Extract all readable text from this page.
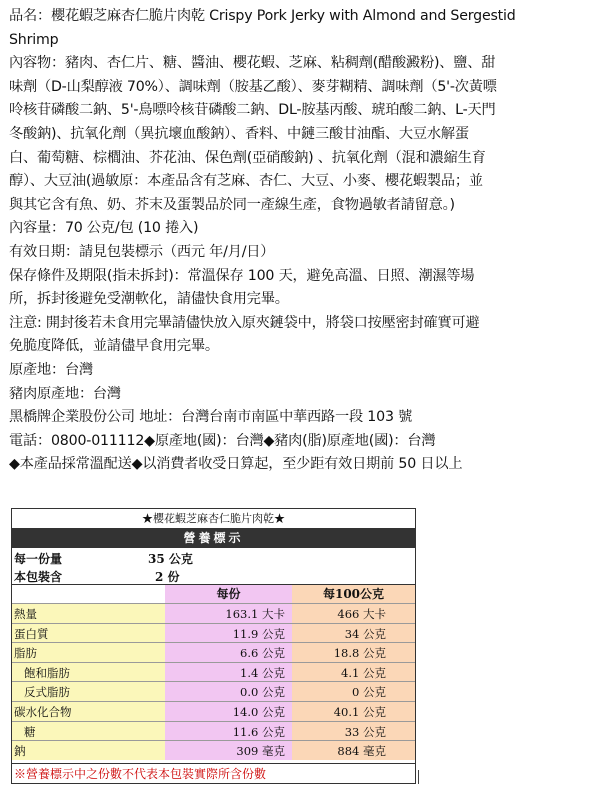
品名：櫻花蝦芝麻杏仁脆片肉乾 Crispy Pork Jerky with Almond and Sergestid
Shrimp
內容物：豬肉、杏仁片、糖、醬油、櫻花蝦、芝麻、粘稠劑(醋酸澱粉)、鹽、甜
味劑（D-山梨醇液 70%）、調味劑（胺基乙酸）、麥芽糊精、調味劑（5'-次黃嘌
呤核苷磷酸二鈉、5'-鳥嘌呤核苷磷酸二鈉、DL-胺基丙酸、琥珀酸二鈉、L-天門
冬酸鈉)、抗氧化劑（異抗壞血酸鈉）、香料、中鏈三酸甘油酯、大豆水解蛋
白、葡萄糖、棕櫚油、芥花油、保色劑(亞硝酸鈉) 、抗氧化劑（混和濃縮生育
醇）、大豆油(過敏原：本產品含有芝麻、杏仁、大豆、小麥、櫻花蝦製品；並
與其它含有魚、奶、芥末及蛋製品於同一產線生產，食物過敏者請留意。)
內容量：70 公克/包 (10 捲入)
有效日期：請見包裝標示（西元 年/月/日）
保存條件及期限(指未拆封)：常溫保存 100 天，避免高溫、日照、潮濕等場
所，拆封後避免受潮軟化，請儘快食用完畢。
注意: 開封後若未食用完畢請儘快放入原夾鏈袋中，將袋口按壓密封確實可避
免脆度降低，並請儘早食用完畢。
原產地：台灣
豬肉原產地：台灣
黑橋牌企業股份公司 地址：台灣台南市南區中華西路一段 103 號
電話：0800-011112◆原產地(國)：台灣◆豬肉(脂)原產地(國)：台灣
◆本產品採常溫配送◆以消費者收受日算起，至少距有效日期前 50 日以上
★櫻花蝦芝麻杏仁脆片肉乾★
營養標示
每一份量	35 公克
本包裝含	2 份
每份	每100公克
熱量	163.1 大卡	466 大卡
蛋白質	11.9 公克	34 公克
脂肪	6.6 公克	18.8 公克
飽和脂肪	1.4 公克	4.1 公克
反式脂肪	0.0 公克	0 公克
碳水化合物	14.0 公克	40.1 公克
糖	11.6 公克	33 公克
鈉	309 毫克	884 毫克
※營養標示中之份數不代表本包裝實際所含份數
